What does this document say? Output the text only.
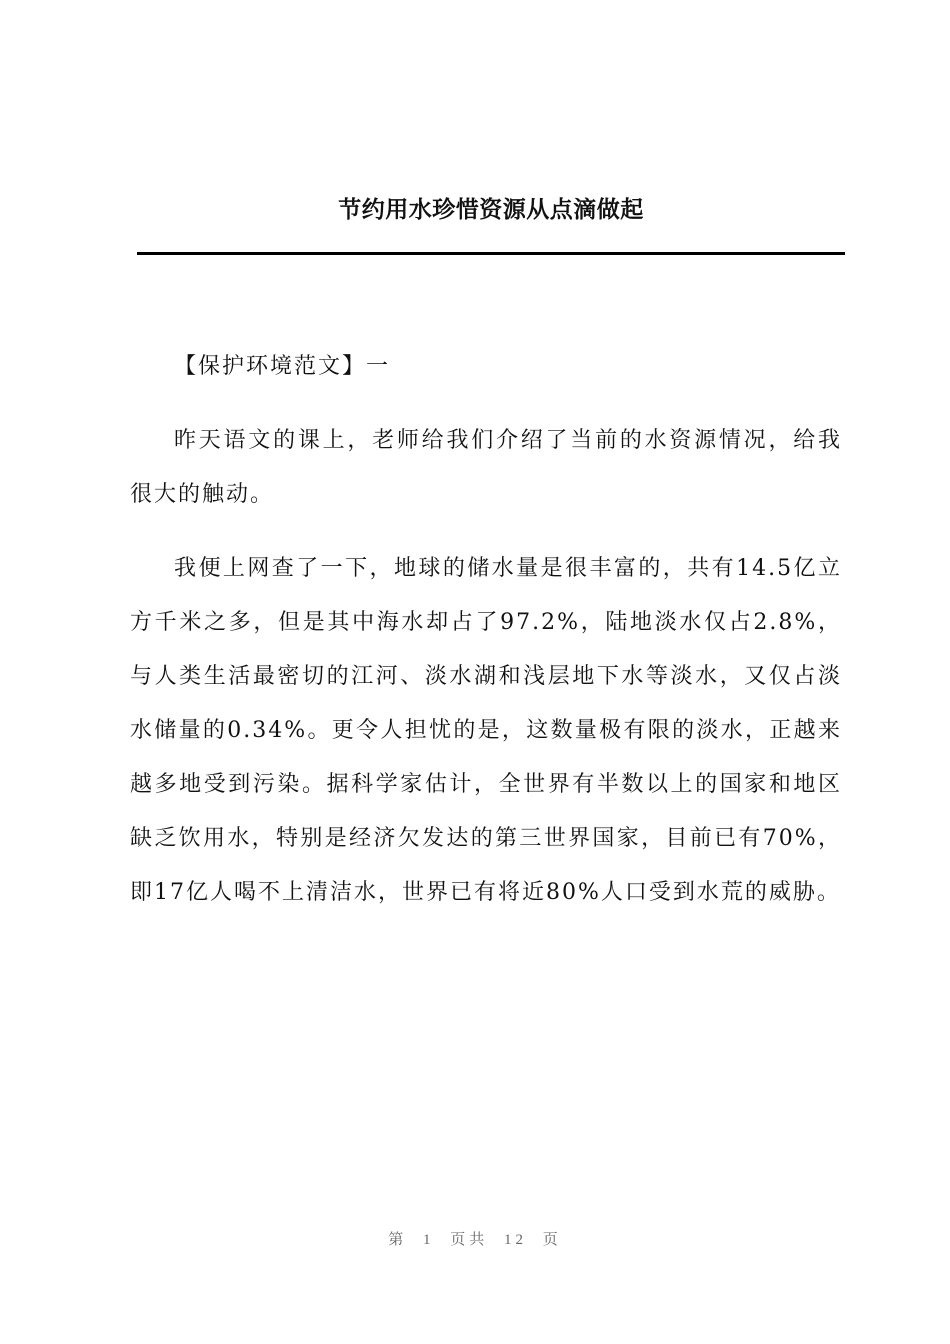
节约用水珍惜资源从点滴做起

【保护环境范文】一

昨天语文的课上，老师给我们介绍了当前的水资源情况，给我很大的触动。

我便上网查了一下，地球的储水量是很丰富的，共有14.5亿立方千米之多，但是其中海水却占了97.2%，陆地淡水仅占2.8%，与人类生活最密切的江河、淡水湖和浅层地下水等淡水，又仅占淡水储量的0.34%。更令人担忧的是，这数量极有限的淡水，正越来越多地受到污染。据科学家估计，全世界有半数以上的国家和地区缺乏饮用水，特别是经济欠发达的第三世界国家，目前已有70%，即17亿人喝不上清洁水，世界已有将近80%人口受到水荒的威胁。

第 1 页共 12 页
